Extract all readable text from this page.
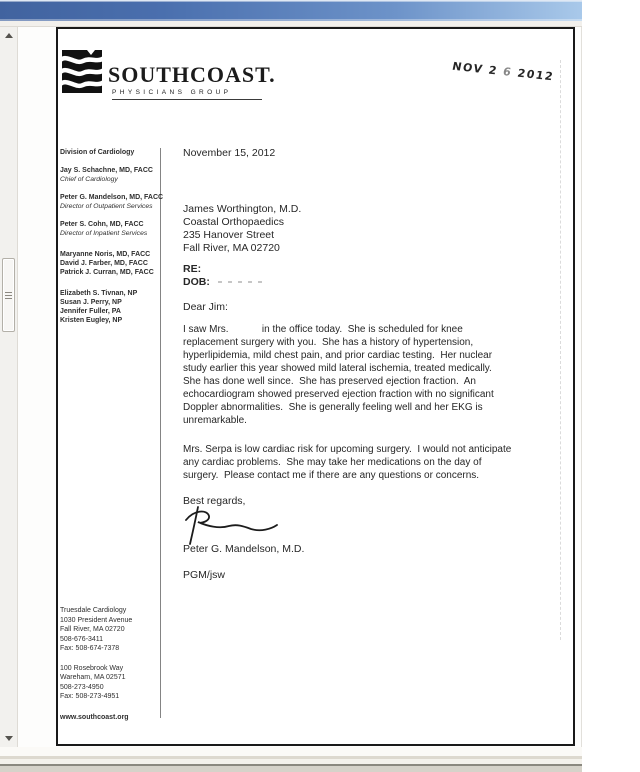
SOUTHCOAST.
PHYSICIANS GROUP
NOV 2 6 2012
Division of Cardiology
Jay S. Schachne, MD, FACC
Chief of Cardiology
Peter G. Mandelson, MD, FACC
Director of Outpatient Services
Peter S. Cohn, MD, FACC
Director of Inpatient Services
Maryanne Noris, MD, FACC
David J. Farber, MD, FACC
Patrick J. Curran, MD, FACC
Elizabeth S. Tivnan, NP
Susan J. Perry, NP
Jennifer Fuller, PA
Kristen Eugley, NP
Truesdale Cardiology
1030 President Avenue
Fall River, MA 02720
508-676-3411
Fax: 508-674-7378
100 Rosebrook Way
Wareham, MA 02571
508-273-4950
Fax: 508-273-4951
www.southcoast.org
November 15, 2012
James Worthington, M.D.
Coastal Orthopaedics
235 Hanover Street
Fall River, MA 02720
RE:
DOB:
Dear Jim:
I saw Mrs.            in the office today.  She is scheduled for knee
replacement surgery with you.  She has a history of hypertension,
hyperlipidemia, mild chest pain, and prior cardiac testing.  Her nuclear
study earlier this year showed mild lateral ischemia, treated medically.
She has done well since.  She has preserved ejection fraction.  An
echocardiogram showed preserved ejection fraction with no significant
Doppler abnormalities.  She is generally feeling well and her EKG is
unremarkable.
Mrs. Serpa is low cardiac risk for upcoming surgery.  I would not anticipate
any cardiac problems.  She may take her medications on the day of
surgery.  Please contact me if there are any questions or concerns.
Best regards,
Peter G. Mandelson, M.D.
PGM/jsw
